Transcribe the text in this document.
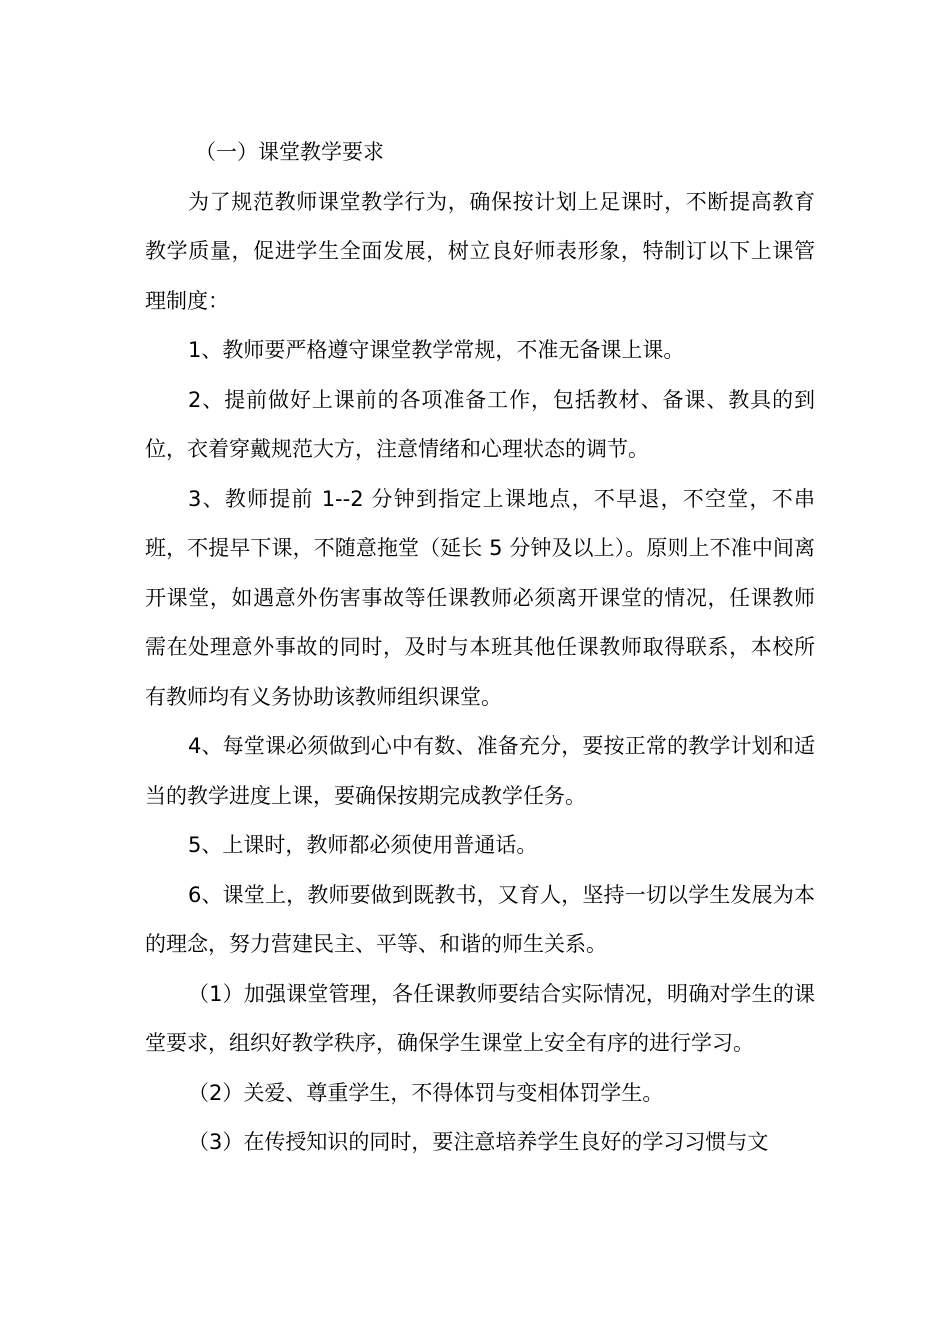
（一）课堂教学要求

为了规范教师课堂教学行为，确保按计划上足课时，不断提高教育教学质量，促进学生全面发展，树立良好师表形象，特制订以下上课管理制度：

1、教师要严格遵守课堂教学常规，不准无备课上课。

2、提前做好上课前的各项准备工作，包括教材、备课、教具的到位，衣着穿戴规范大方，注意情绪和心理状态的调节。

3、教师提前 1--2 分钟到指定上课地点，不早退，不空堂，不串班，不提早下课，不随意拖堂（延长 5 分钟及以上）。原则上不准中间离开课堂，如遇意外伤害事故等任课教师必须离开课堂的情况，任课教师需在处理意外事故的同时，及时与本班其他任课教师取得联系，本校所有教师均有义务协助该教师组织课堂。

4、每堂课必须做到心中有数、准备充分，要按正常的教学计划和适当的教学进度上课，要确保按期完成教学任务。

5、上课时，教师都必须使用普通话。

6、课堂上，教师要做到既教书，又育人，坚持一切以学生发展为本的理念，努力营建民主、平等、和谐的师生关系。

（1）加强课堂管理，各任课教师要结合实际情况，明确对学生的课堂要求，组织好教学秩序，确保学生课堂上安全有序的进行学习。

（2）关爱、尊重学生，不得体罚与变相体罚学生。

（3）在传授知识的同时，要注意培养学生良好的学习习惯与文
